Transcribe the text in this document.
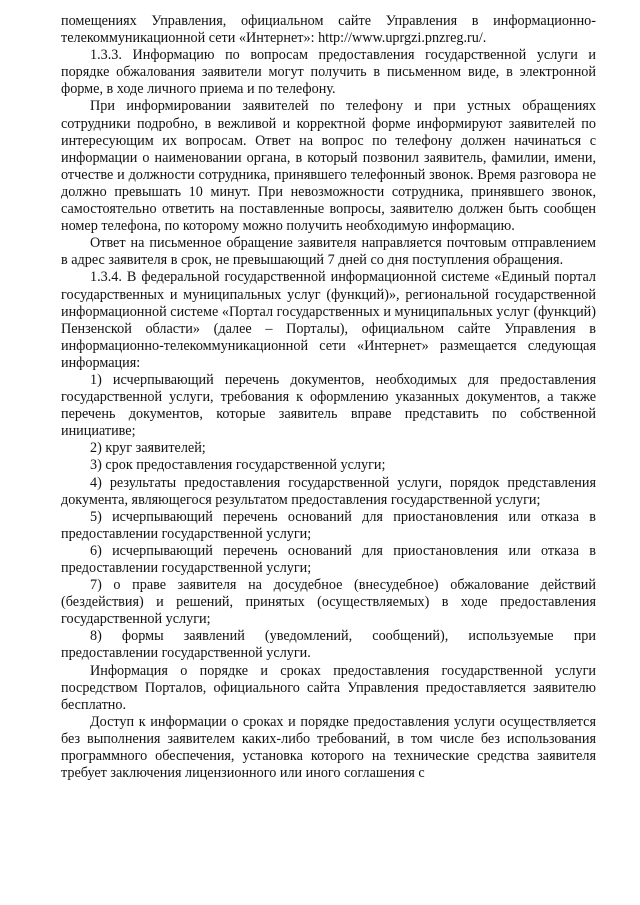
помещениях Управления, официальном сайте Управления в информационно-телекоммуникационной сети «Интернет»: http://www.uprgzi.pnzreg.ru/.

1.3.3. Информацию по вопросам предоставления государственной услуги и порядке обжалования заявители могут получить в письменном виде, в электронной форме, в ходе личного приема и по телефону.

При информировании заявителей по телефону и при устных обращениях сотрудники подробно, в вежливой и корректной форме информируют заявителей по интересующим их вопросам. Ответ на вопрос по телефону должен начинаться с информации о наименовании органа, в который позвонил заявитель, фамилии, имени, отчестве и должности сотрудника, принявшего телефонный звонок. Время разговора не должно превышать 10 минут. При невозможности сотрудника, принявшего звонок, самостоятельно ответить на поставленные вопросы, заявителю должен быть сообщен номер телефона, по которому можно получить необходимую информацию.

Ответ на письменное обращение заявителя направляется почтовым отправлением в адрес заявителя в срок, не превышающий 7 дней со дня поступления обращения.

1.3.4. В федеральной государственной информационной системе «Единый портал государственных и муниципальных услуг (функций)», региональной государственной информационной системе «Портал государственных и муниципальных услуг (функций) Пензенской области» (далее – Порталы), официальном сайте Управления в информационно-телекоммуникационной сети «Интернет» размещается следующая информация:

1) исчерпывающий перечень документов, необходимых для предоставления государственной услуги, требования к оформлению указанных документов, а также перечень документов, которые заявитель вправе представить по собственной инициативе;

2) круг заявителей;

3) срок предоставления государственной услуги;

4) результаты предоставления государственной услуги, порядок представления документа, являющегося результатом предоставления государственной услуги;

5) исчерпывающий перечень оснований для приостановления или отказа в предоставлении государственной услуги;

6) исчерпывающий перечень оснований для приостановления или отказа в предоставлении государственной услуги;

7) о праве заявителя на досудебное (внесудебное) обжалование действий (бездействия) и решений, принятых (осуществляемых) в ходе предоставления государственной услуги;

8) формы заявлений (уведомлений, сообщений), используемые при предоставлении государственной услуги.

Информация о порядке и сроках предоставления государственной услуги посредством Порталов, официального сайта Управления предоставляется заявителю бесплатно.

Доступ к информации о сроках и порядке предоставления услуги осуществляется без выполнения заявителем каких-либо требований, в том числе без использования программного обеспечения, установка которого на технические средства заявителя требует заключения лицензионного или иного соглашения с
